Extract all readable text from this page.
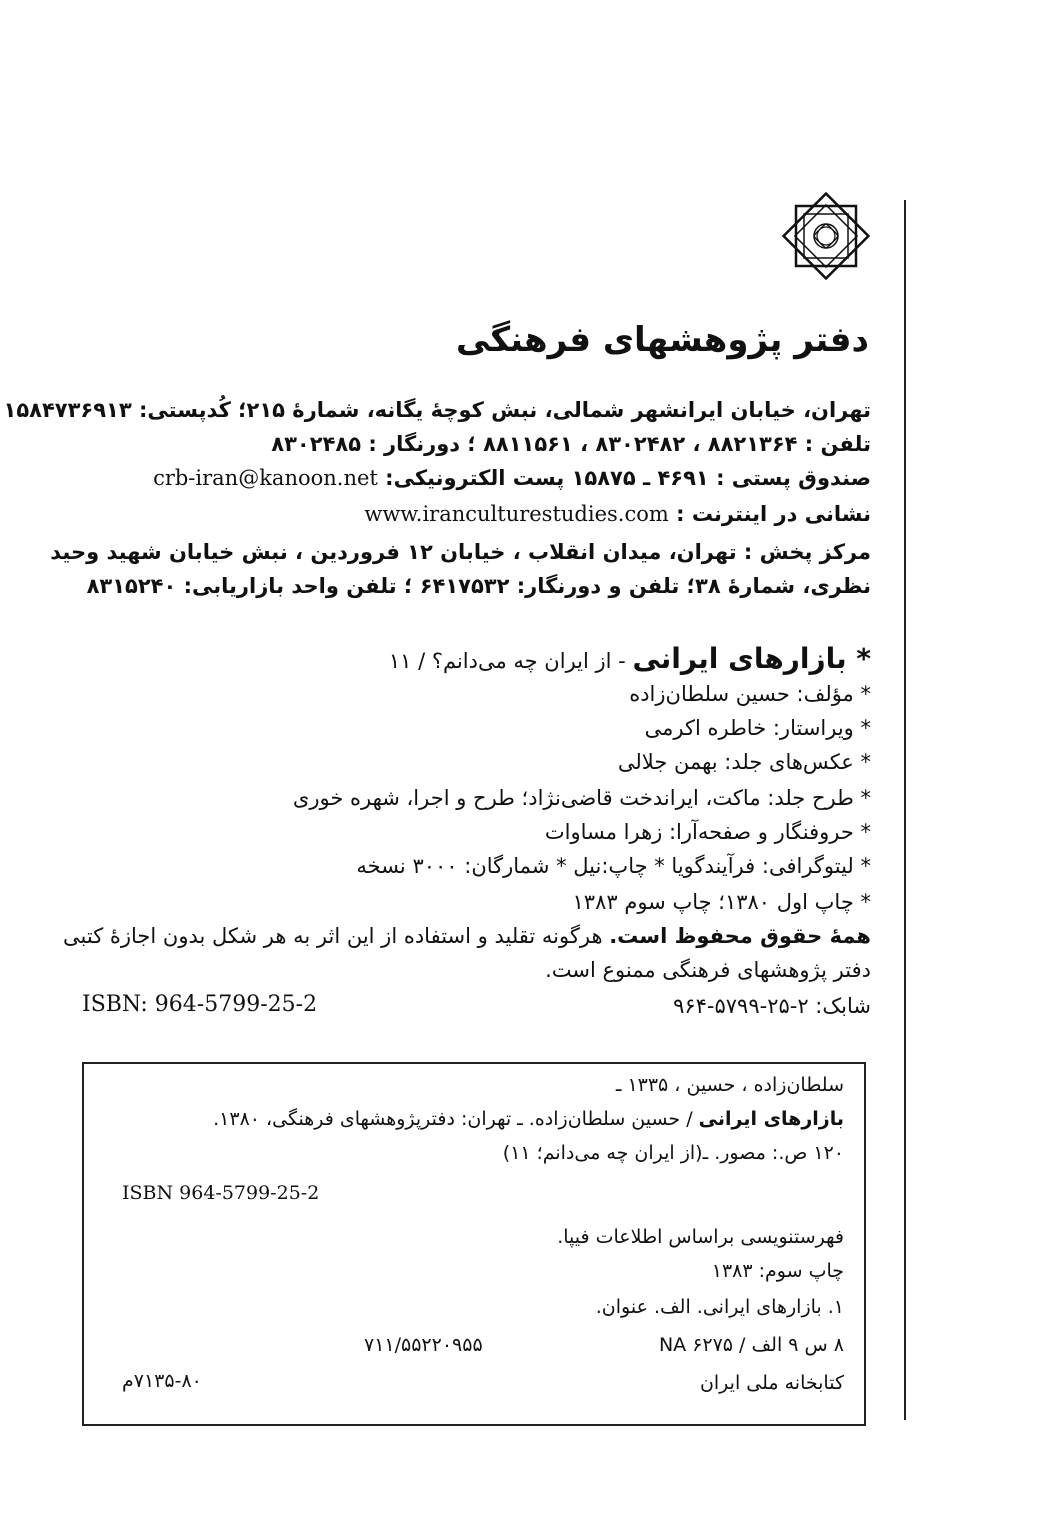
دفتر پژوهشهای فرهنگی
تهران، خیابان ایرانشهر شمالی، نبش کوچهٔ یگانه، شمارهٔ ۲۱۵؛ کُدپستی: ۱۵۸۴۷۳۶۹۱۳
تلفن : ۸۸۲۱۳۶۴ ، ۸۳۰۲۴۸۲ ، ۸۸۱۱۵۶۱ ؛ دورنگار : ۸۳۰۲۴۸۵
صندوق پستی : ۴۶۹۱ ـ ۱۵۸۷۵ پست الکترونیکی: crb-iran@kanoon.net
نشانی در اینترنت : www.iranculturestudies.com
مرکز پخش : تهران، میدان انقلاب ، خیابان ۱۲ فروردین ، نبش خیابان شهید وحید
نظری، شمارهٔ ۳۸؛ تلفن و دورنگار: ۶۴۱۷۵۳۲ ؛ تلفن واحد بازاریابی: ۸۳۱۵۲۴۰
* بازارهای ایرانی - از ایران چه می‌دانم؟ / ۱۱
* مؤلف: حسین سلطان‌زاده
* ویراستار: خاطره اکرمی
* عکس‌های جلد: بهمن جلالی
* طرح جلد: ماکت، ایراندخت قاضی‌نژاد؛ طرح و اجرا، شهره خوری
* حروفنگار و صفحه‌آرا: زهرا مساوات
* لیتوگرافی: فرآیندگویا * چاپ:نیل * شمارگان: ۳۰۰۰ نسخه
* چاپ اول ۱۳۸۰؛ چاپ سوم ۱۳۸۳
همهٔ حقوق محفوظ است. هرگونه تقلید و استفاده از این اثر به هر شکل بدون اجازهٔ کتبی
دفتر پژوهشهای فرهنگی ممنوع است.
شابک: ۲-۲۵-۵۷۹۹-۹۶۴
ISBN: 964-5799-25-2
سلطان‌زاده ، حسین ، ۱۳۳۵ ـ
بازارهای ایرانی / حسین سلطان‌زاده. ـ تهران: دفترپژوهشهای فرهنگی، ۱۳۸۰.
۱۲۰ ص.: مصور. ـ(از ایران چه می‌دانم؛ ۱۱)
ISBN 964-5799-25-2
فهرستنویسی براساس اطلاعات فیپا.
چاپ سوم: ۱۳۸۳
۱. بازارهای ایرانی. الف. عنوان.
۸ س ۹ الف / NA ۶۲۷۵
۷۱۱/۵۵۲۲۰۹۵۵
کتابخانه ملی ایران
۷۱۳۵-۸۰م
